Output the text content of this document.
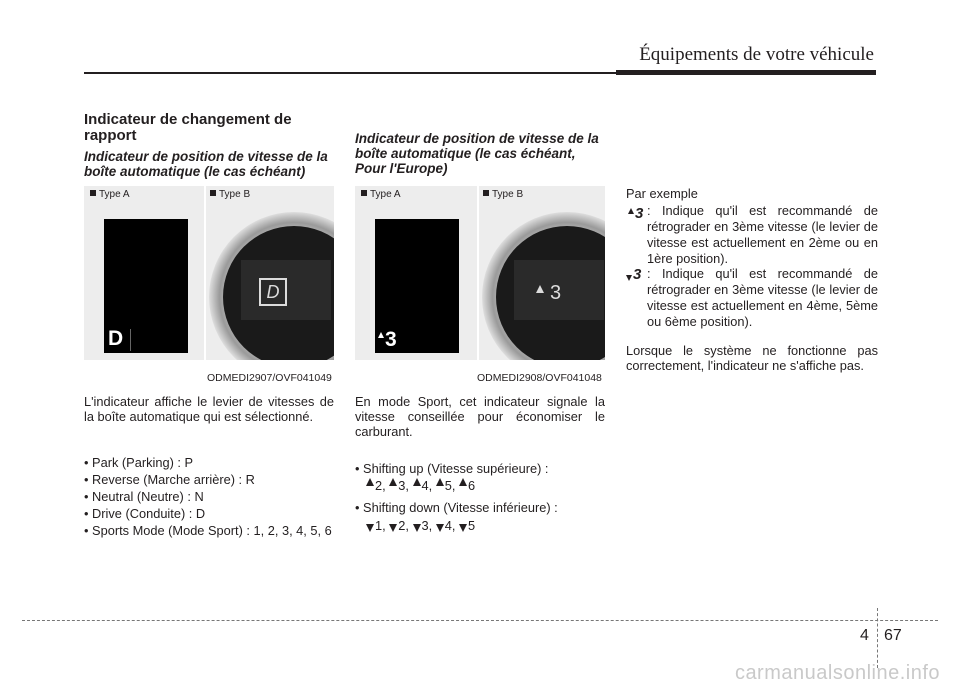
Équipements de votre véhicule
Indicateur de changement de rapport
Indicateur de position de vitesse de la boîte automatique (le cas échéant)
Type A
D
Type B
D
ODMEDI2907/OVF041049
L'indicateur affiche le levier de vitesses de la boîte automatique qui est sélectionné.
• Park (Parking) : P
• Reverse (Marche arrière) : R
• Neutral (Neutre) : N
• Drive (Conduite) : D
• Sports Mode (Mode Sport) : 1, 2, 3, 4, 5, 6
Indicateur de position de vitesse de la boîte automatique (le cas échéant, Pour l'Europe)
Type A
3
Type B
3
ODMEDI2908/OVF041048
En mode Sport, cet indicateur signale la vitesse conseillée pour économiser le carburant.
• Shifting up (Vitesse supérieure) :
2, 3, 4, 5, 6
• Shifting down (Vitesse inférieure) :
1, 2, 3, 4, 5
Par exemple
3 : Indique qu'il est recommandé de rétrograder en 3ème vitesse (le levier de vitesse est actuellement en 2ème ou en 1ère position).
3 : Indique qu'il est recommandé de rétrograder en 3ème vitesse (le levier de vitesse est actuellement en 4ème, 5ème ou 6ème position).
Lorsque le système ne fonctionne pas correctement, l'indicateur ne s'affiche pas.
4 67
carmanualsonline.info
